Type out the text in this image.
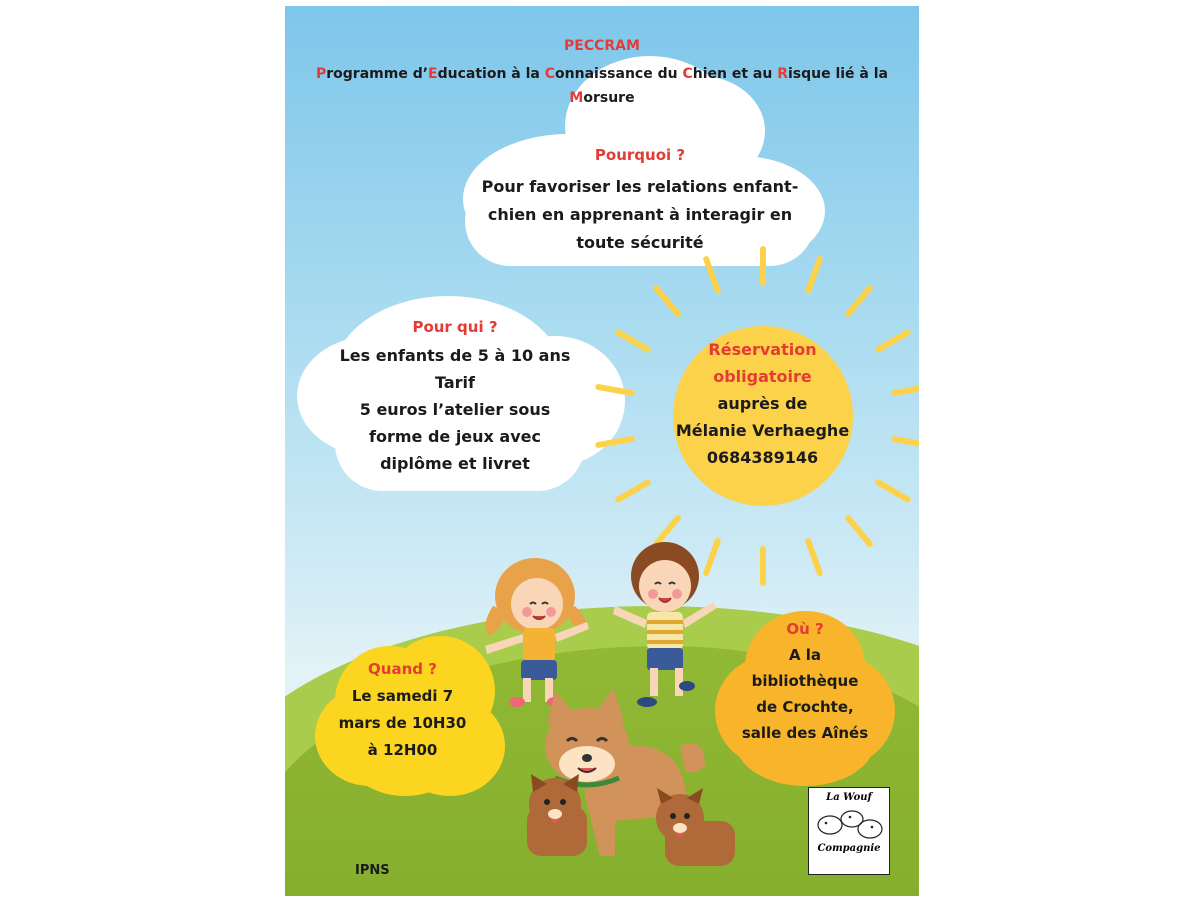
PECCRAM
Programme d’Education à la Connaissance du Chien et au Risque lié à la
Morsure
Pourquoi ?
Pour favoriser les relations enfant-
chien en apprenant à interagir en
toute sécurité
Pour qui ?
Les enfants de 5 à 10 ans
Tarif
5 euros l’atelier sous
forme de jeux avec
diplôme et livret
Réservation
obligatoire
auprès de
Mélanie Verhaeghe
0684389146
Quand ?
Le samedi 7
mars de 10H30
à 12H00
Où ?
A la
bibliothèque
de Crochte,
salle des Aînés
IPNS
La Wouf
Compagnie
